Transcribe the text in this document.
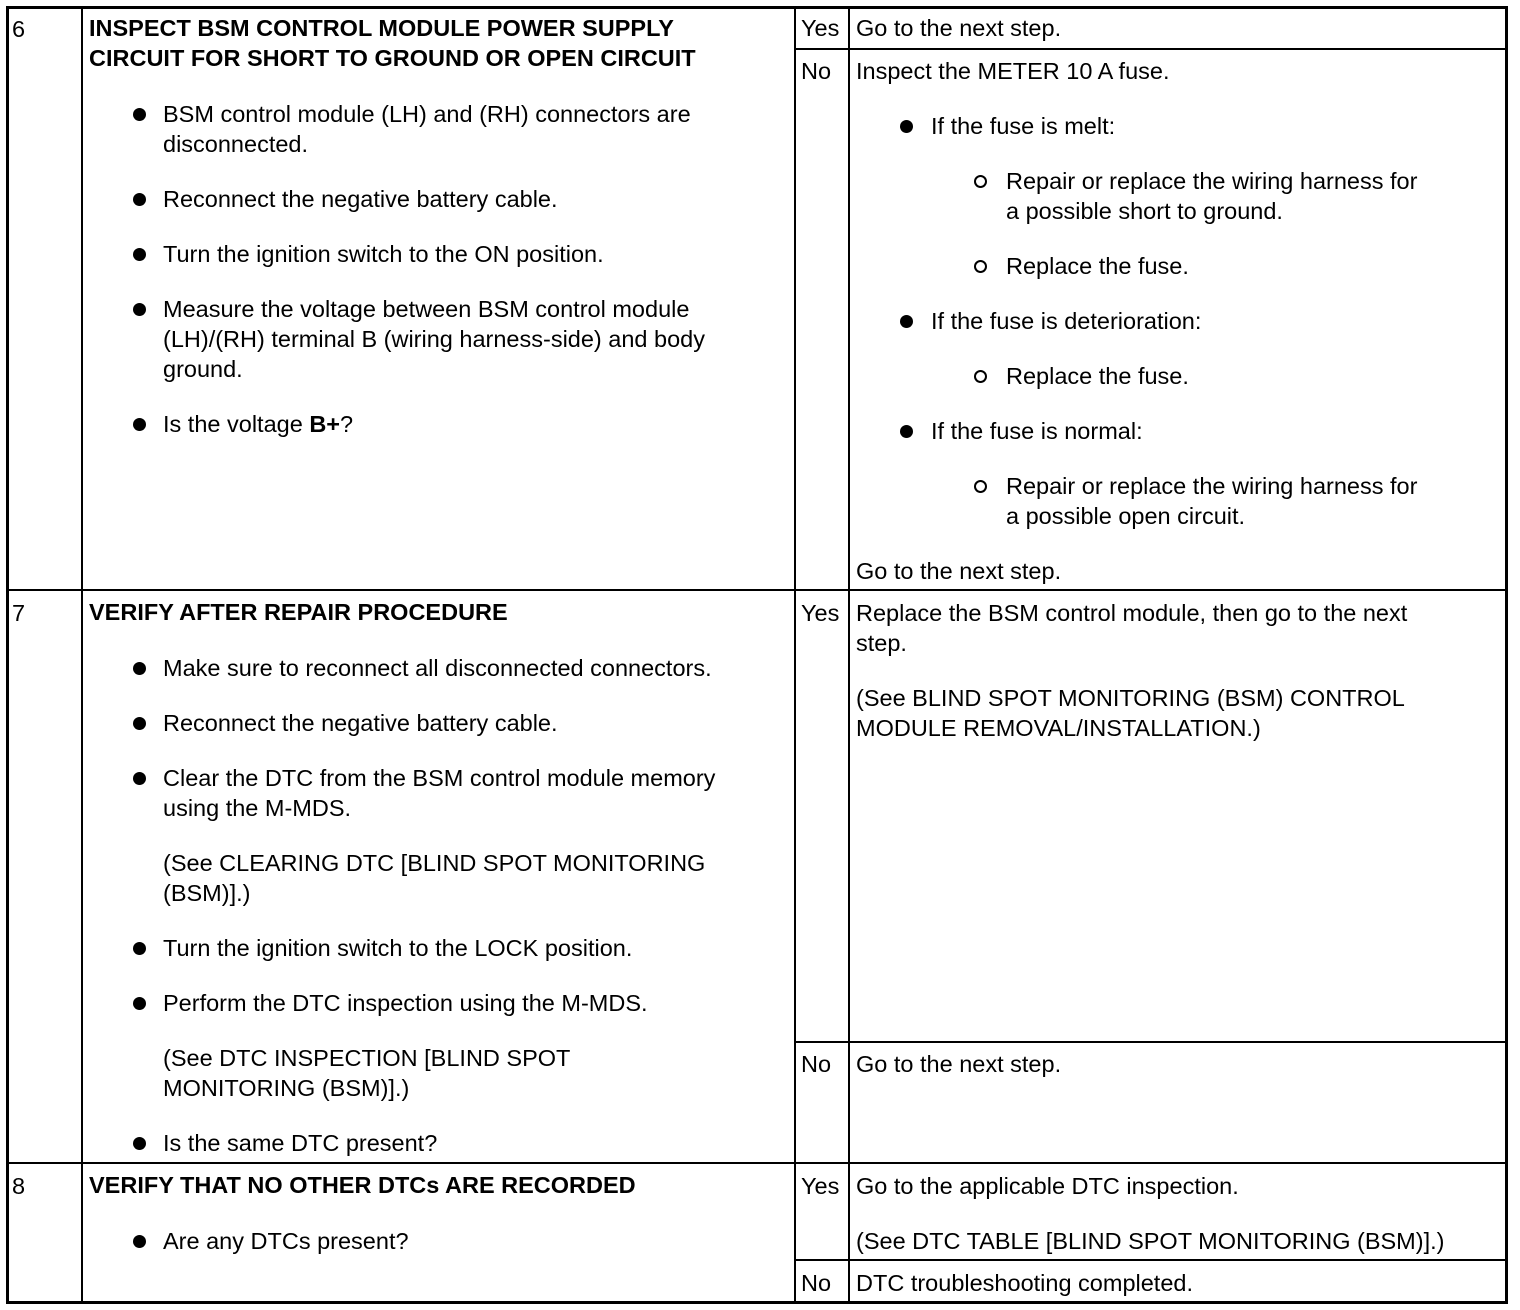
6	INSPECT BSM CONTROL MODULE POWER SUPPLY
CIRCUIT FOR SHORT TO GROUND OR OPEN CIRCUIT
BSM control module (LH) and (RH) connectors are
disconnected.
Reconnect the negative battery cable.
Turn the ignition switch to the ON position.
Measure the voltage between BSM control module
(LH)/(RH) terminal B (wiring harness-side) and body
ground.
Is the voltage B+?
Yes Go to the next step.
No Inspect the METER 10 A fuse.
If the fuse is melt:
Repair or replace the wiring harness for
a possible short to ground.
Replace the fuse.
If the fuse is deterioration:
Replace the fuse.
If the fuse is normal:
Repair or replace the wiring harness for
a possible open circuit.
Go to the next step.
7	VERIFY AFTER REPAIR PROCEDURE
Make sure to reconnect all disconnected connectors.
Reconnect the negative battery cable.
Clear the DTC from the BSM control module memory
using the M-MDS.
(See CLEARING DTC [BLIND SPOT MONITORING
(BSM)].)
Turn the ignition switch to the LOCK position.
Perform the DTC inspection using the M-MDS.
(See DTC INSPECTION [BLIND SPOT
MONITORING (BSM)].)
Is the same DTC present?
Yes Replace the BSM control module, then go to the next
step.
(See BLIND SPOT MONITORING (BSM) CONTROL
MODULE REMOVAL/INSTALLATION.)
No Go to the next step.
8	VERIFY THAT NO OTHER DTCs ARE RECORDED
Are any DTCs present?
Yes Go to the applicable DTC inspection.
(See DTC TABLE [BLIND SPOT MONITORING (BSM)].)
No DTC troubleshooting completed.
